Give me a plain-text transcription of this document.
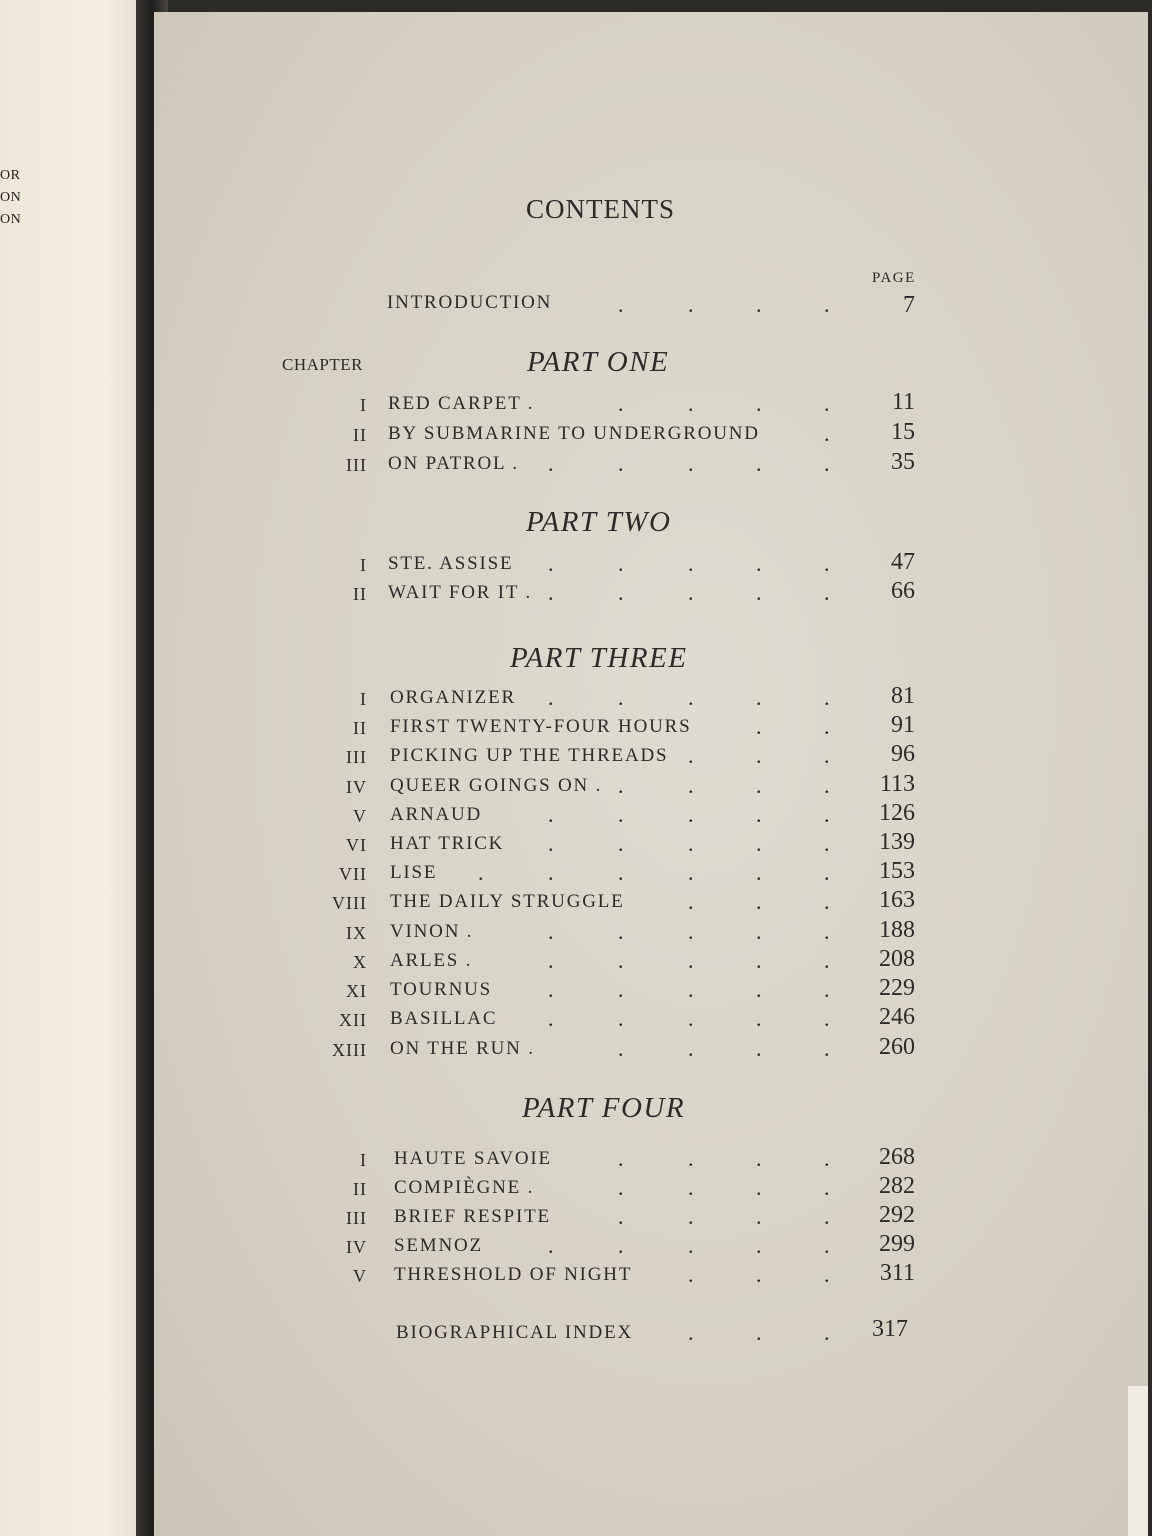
OR
ON
ON	CONTENTS
PAGE
INTRODUCTION	7
CHAPTER	PART ONE
I RED CARPET .	11
II BY SUBMARINE TO UNDERGROUND	15
III ON PATROL .	35
PART TWO
I STE. ASSISE	47
II WAIT FOR IT .	66
PART THREE
I ORGANIZER	81
II FIRST TWENTY-FOUR HOURS	91
III PICKING UP THE THREADS	96
IV QUEER GOINGS ON .	113
V ARNAUD	126
VI HAT TRICK	139
VII LISE	153
VIII THE DAILY STRUGGLE	163
IX VINON .	188
X ARLES .	208
XI TOURNUS	229
XII BASILLAC	246
XIII ON THE RUN .	260
PART FOUR
I HAUTE SAVOIE	268
II COMPIÈGNE .	282
III BRIEF RESPITE	292
IV SEMNOZ	299
V THRESHOLD OF NIGHT	311
.	.	.	.
.
.	.	.	.	.
.	.	.	.	.
.	.	.	.	.
.	.	.	.	.
.	.
.	.	.
.	.	.	.
.	.	.	.	.
.	.	.	.	.
.	.	.	.	.	.
.	.	.
.	.	.	.	.
.	.	.	.	.
.	.	.	.	.
.	.	.	.	.
.	.	.	.
.	.	.	.
.	.	.	.
.	.	.	.
.	.	.	.	.
.	.	.
.	.	.	.
BIOGRAPHICAL INDEX	317
.	.	.
